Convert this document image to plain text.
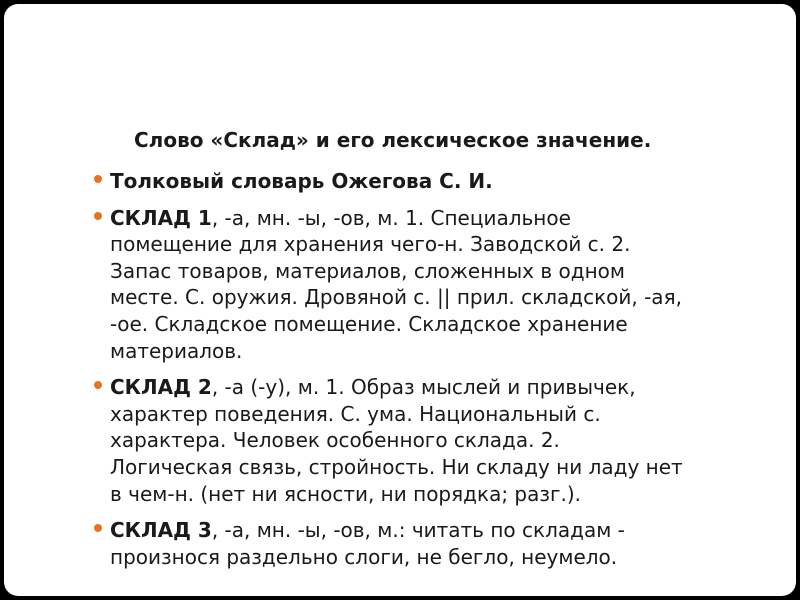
Слово «Склад» и его лексическое значение.
Толковый словарь Ожегова С. И.
СКЛАД 1, -а, мн. -ы, -ов, м. 1. Специальное
помещение для хранения чего-н. Заводской с. 2.
Запас товаров, материалов, сложенных в одном
месте. С. оружия. Дровяной с. || прил. складской, -ая,
-ое. Складское помещение. Складское хранение
материалов.
СКЛАД 2, -а (-у), м. 1. Образ мыслей и привычек,
характер поведения. С. ума. Национальный с.
характера. Человек особенного склада. 2.
Логическая связь, стройность. Ни складу ни ладу нет
в чем-н. (нет ни ясности, ни порядка; разг.).
СКЛАД 3, -а, мн. -ы, -ов, м.: читать по складам -
произнося раздельно слоги, не бегло, неумело.
